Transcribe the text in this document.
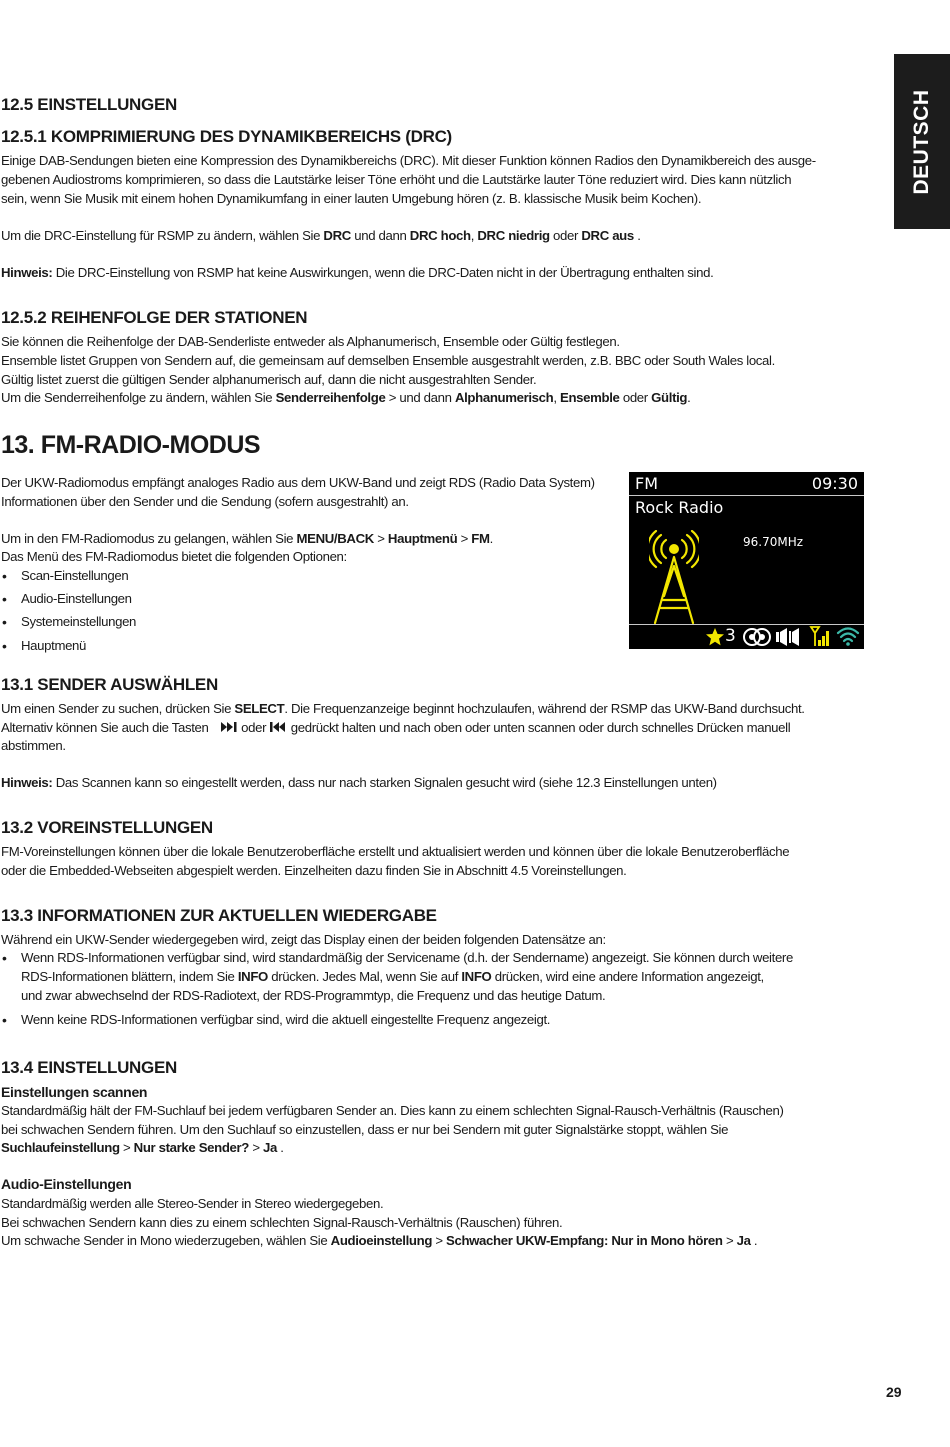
DEUTSCH
12.5 EINSTELLUNGEN
12.5.1 KOMPRIMIERUNG DES DYNAMIKBEREICHS (DRC)
Einige DAB-Sendungen bieten eine Kompression des Dynamikbereichs (DRC). Mit dieser Funktion können Radios den Dynamikbereich des ausge-
gebenen Audiostroms komprimieren, so dass die Lautstärke leiser Töne erhöht und die Lautstärke lauter Töne reduziert wird. Dies kann nützlich
sein, wenn Sie Musik mit einem hohen Dynamikumfang in einer lauten Umgebung hören (z. B. klassische Musik beim Kochen).
Um die DRC-Einstellung für RSMP zu ändern, wählen Sie DRC und dann DRC hoch, DRC niedrig oder DRC aus .
Hinweis: Die DRC-Einstellung von RSMP hat keine Auswirkungen, wenn die DRC-Daten nicht in der Übertragung enthalten sind.
12.5.2 REIHENFOLGE DER STATIONEN
Sie können die Reihenfolge der DAB-Senderliste entweder als Alphanumerisch, Ensemble oder Gültig festlegen.
Ensemble listet Gruppen von Sendern auf, die gemeinsam auf demselben Ensemble ausgestrahlt werden, z.B. BBC oder South Wales local.
Gültig listet zuerst die gültigen Sender alphanumerisch auf, dann die nicht ausgestrahlten Sender.
Um die Senderreihenfolge zu ändern, wählen Sie Senderreihenfolge > und dann Alphanumerisch, Ensemble oder Gültig.
13. FM-RADIO-MODUS
Der UKW-Radiomodus empfängt analoges Radio aus dem UKW-Band und zeigt RDS (Radio Data System)
Informationen über den Sender und die Sendung (sofern ausgestrahlt) an.
Um in den FM-Radiomodus zu gelangen, wählen Sie MENU/BACK > Hauptmenü > FM.
Das Menü des FM-Radiomodus bietet die folgenden Optionen:
• Scan-Einstellungen
• Audio-Einstellungen
• Systemeinstellungen
• Hauptmenü
FM	09:30
Rock Radio
96.70MHz
3
13.1 SENDER AUSWÄHLEN
Um einen Sender zu suchen, drücken Sie SELECT. Die Frequenzanzeige beginnt hochzulaufen, während der RSMP das UKW-Band durchsucht.
Alternativ können Sie auch die Tasten  oder  gedrückt halten und nach oben oder unten scannen oder durch schnelles Drücken manuell
abstimmen.
Hinweis: Das Scannen kann so eingestellt werden, dass nur nach starken Signalen gesucht wird (siehe 12.3 Einstellungen unten)
13.2 VOREINSTELLUNGEN
FM-Voreinstellungen können über die lokale Benutzeroberfläche erstellt und aktualisiert werden und können über die lokale Benutzeroberfläche
oder die Embedded-Webseiten abgespielt werden. Einzelheiten dazu finden Sie in Abschnitt 4.5 Voreinstellungen.
13.3 INFORMATIONEN ZUR AKTUELLEN WIEDERGABE
Während ein UKW-Sender wiedergegeben wird, zeigt das Display einen der beiden folgenden Datensätze an:
• Wenn RDS-Informationen verfügbar sind, wird standardmäßig der Servicename (d.h. der Sendername) angezeigt. Sie können durch weitere
RDS-Informationen blättern, indem Sie INFO drücken. Jedes Mal, wenn Sie auf INFO drücken, wird eine andere Information angezeigt,
und zwar abwechselnd der RDS-Radiotext, der RDS-Programmtyp, die Frequenz und das heutige Datum.
• Wenn keine RDS-Informationen verfügbar sind, wird die aktuell eingestellte Frequenz angezeigt.
13.4 EINSTELLUNGEN
Einstellungen scannen
Standardmäßig hält der FM-Suchlauf bei jedem verfügbaren Sender an. Dies kann zu einem schlechten Signal-Rausch-Verhältnis (Rauschen)
bei schwachen Sendern führen. Um den Suchlauf so einzustellen, dass er nur bei Sendern mit guter Signalstärke stoppt, wählen Sie
Suchlaufeinstellung > Nur starke Sender? > Ja .
Audio-Einstellungen
Standardmäßig werden alle Stereo-Sender in Stereo wiedergegeben.
Bei schwachen Sendern kann dies zu einem schlechten Signal-Rausch-Verhältnis (Rauschen) führen.
Um schwache Sender in Mono wiederzugeben, wählen Sie Audioeinstellung > Schwacher UKW-Empfang: Nur in Mono hören > Ja .
29
